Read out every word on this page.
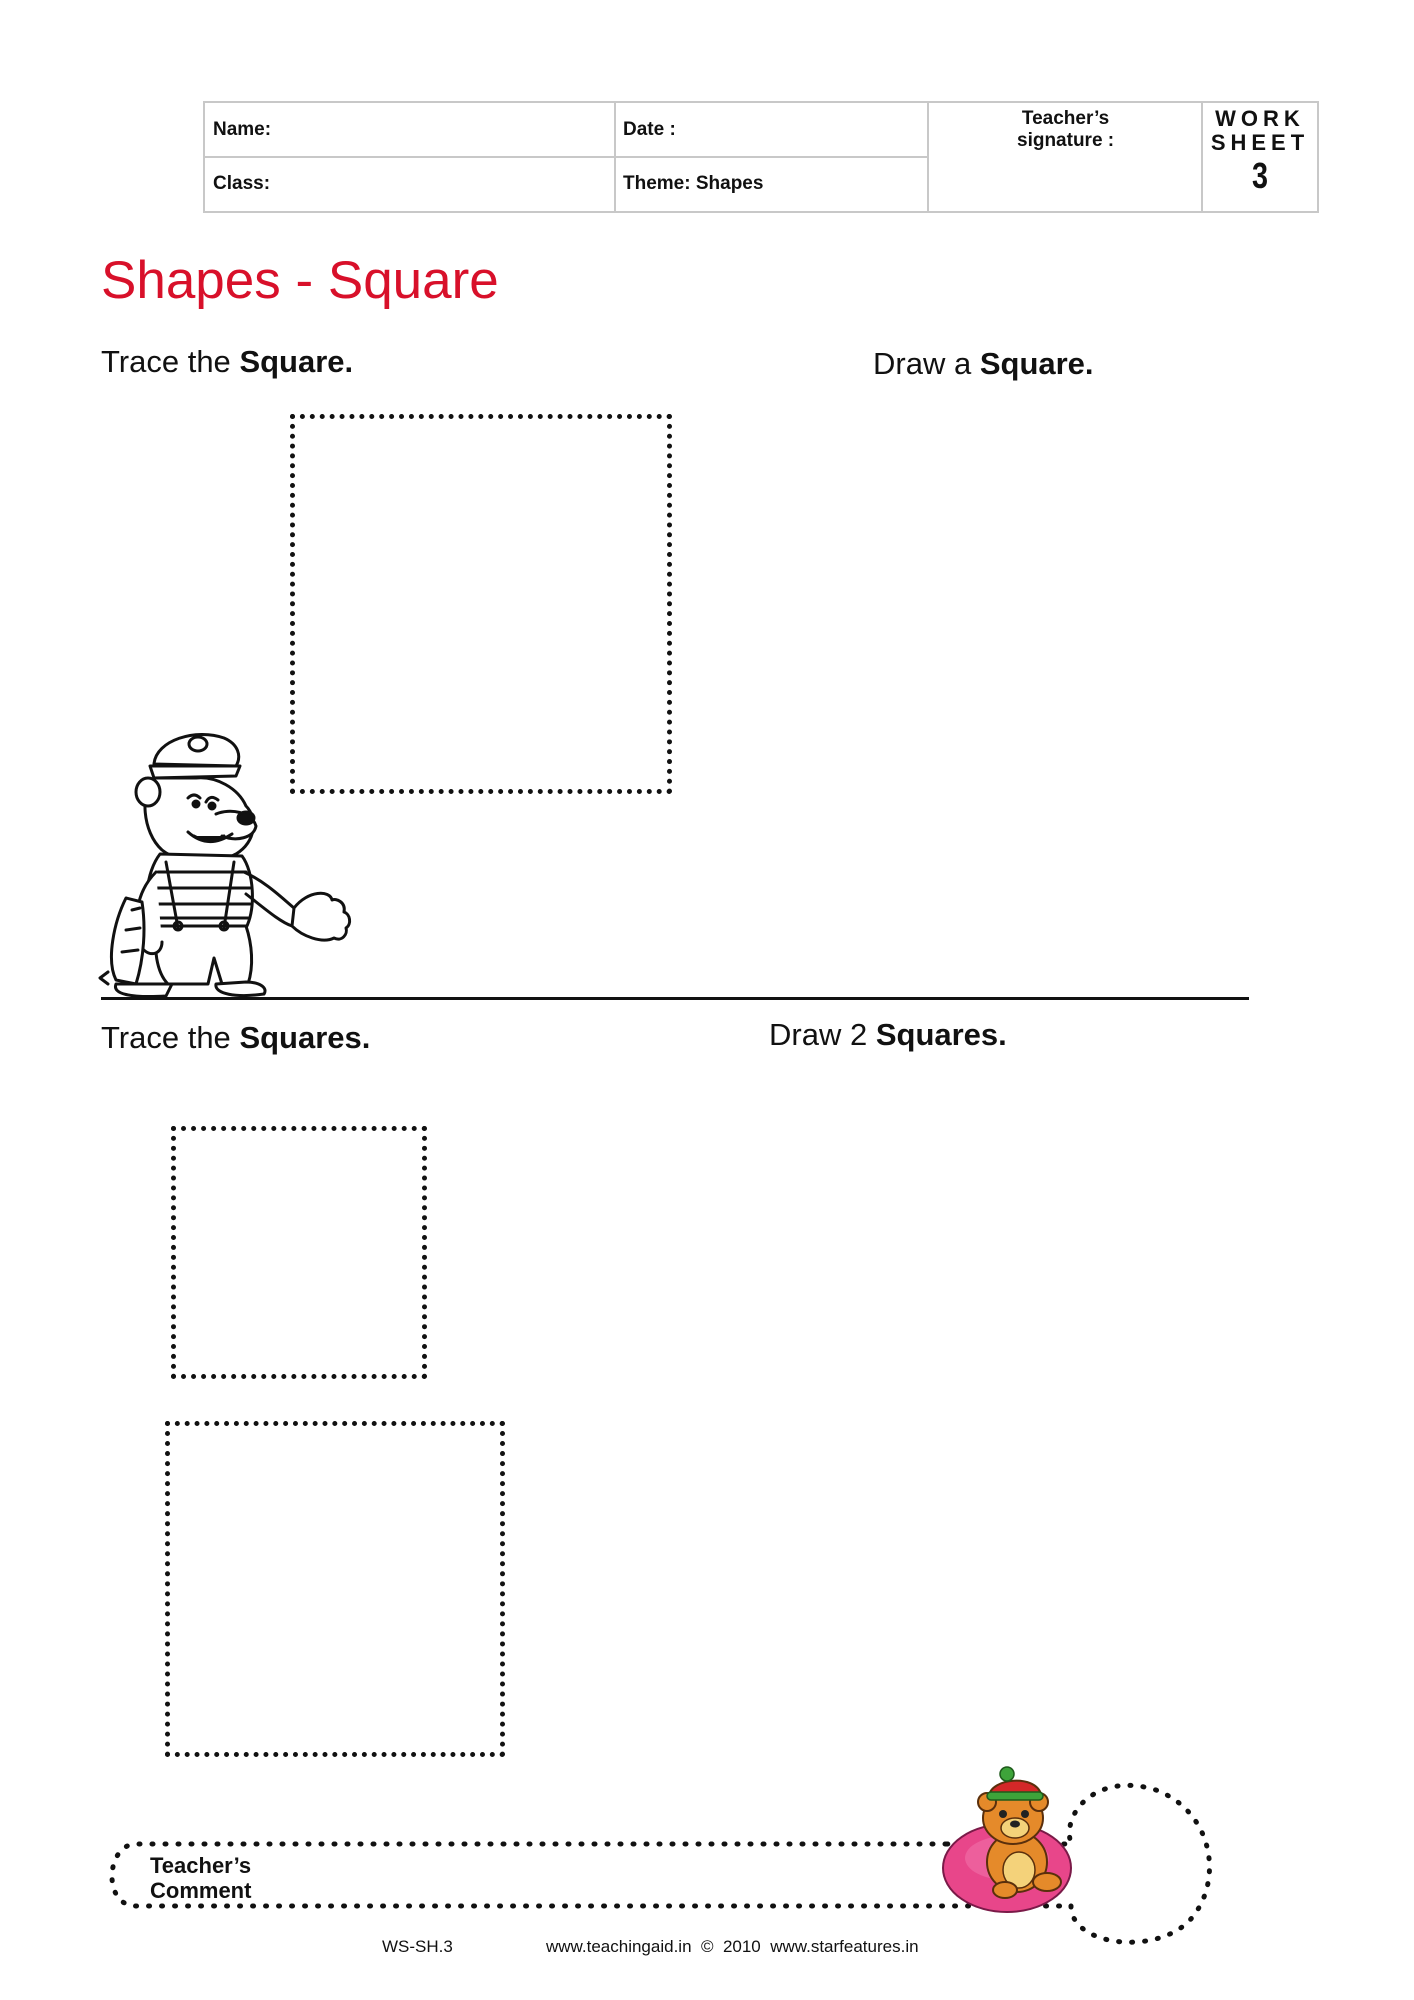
Name:	Date :
Class:	Theme: Shapes
Teacher’s
signature :
WORK
SHEET
3
Shapes - Square
Trace the Square.	Draw a Square.
Trace the Squares.	Draw 2 Squares.
Teacher’s
Comment
WS-SH.3	www.teachingaid.in  ©  2010  www.starfeatures.in
